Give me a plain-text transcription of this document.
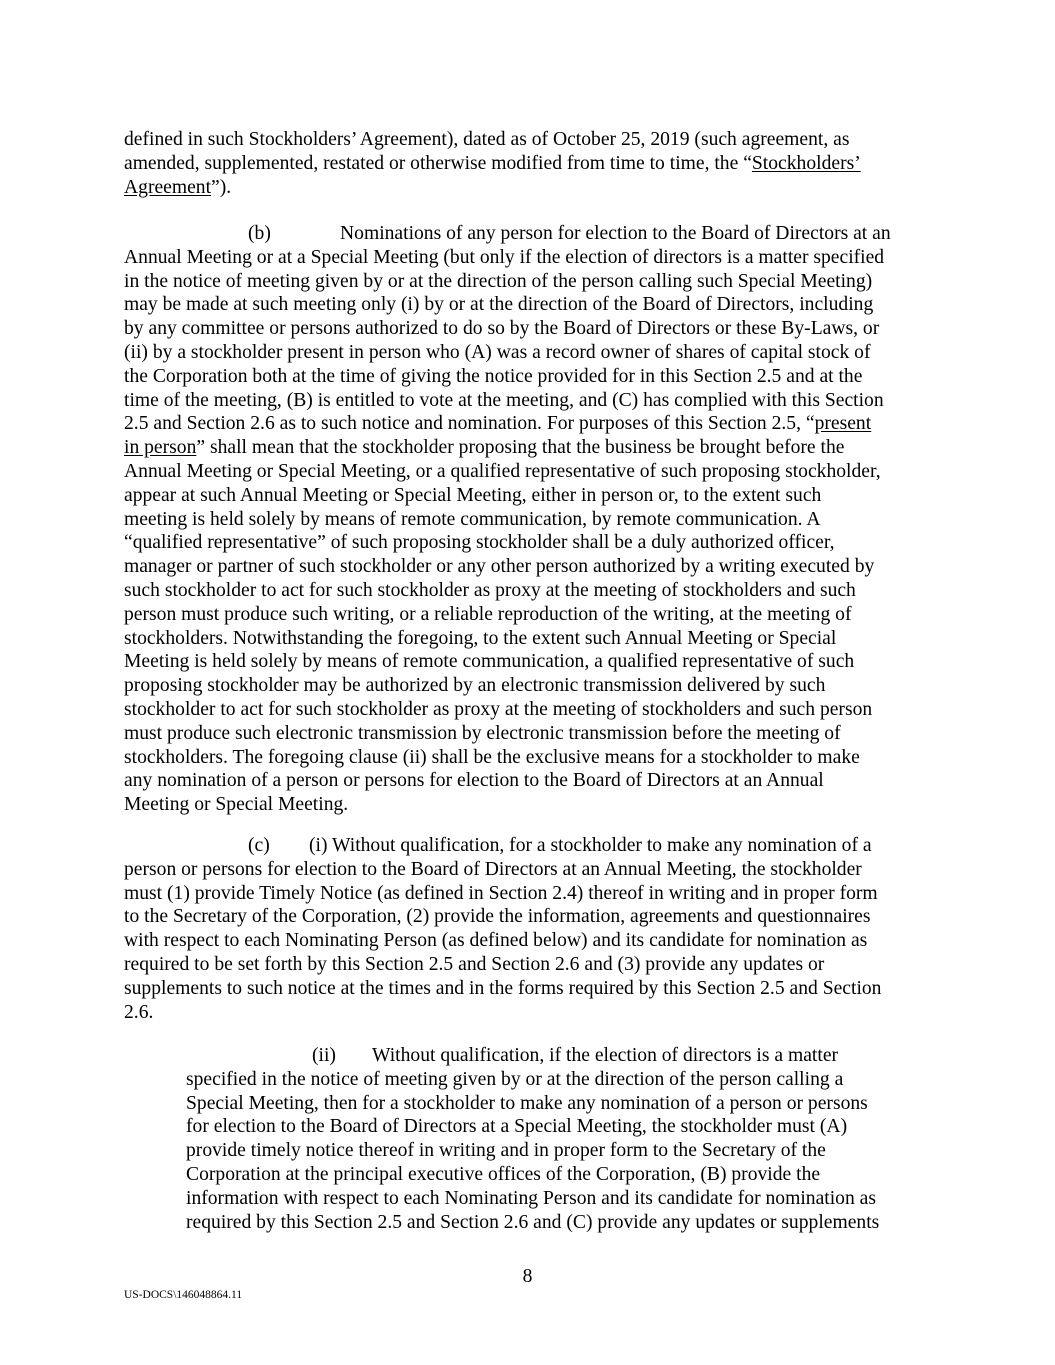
defined in such Stockholders’ Agreement), dated as of October 25, 2019 (such agreement, as
amended, supplemented, restated or otherwise modified from time to time, the “Stockholders’
Agreement”).
(b)	Nominations of any person for election to the Board of Directors at an
Annual Meeting or at a Special Meeting (but only if the election of directors is a matter specified
in the notice of meeting given by or at the direction of the person calling such Special Meeting)
may be made at such meeting only (i) by or at the direction of the Board of Directors, including
by any committee or persons authorized to do so by the Board of Directors or these By-Laws, or
(ii) by a stockholder present in person who (A) was a record owner of shares of capital stock of
the Corporation both at the time of giving the notice provided for in this Section 2.5 and at the
time of the meeting, (B) is entitled to vote at the meeting, and (C) has complied with this Section
2.5 and Section 2.6 as to such notice and nomination. For purposes of this Section 2.5, “present
in person” shall mean that the stockholder proposing that the business be brought before the
Annual Meeting or Special Meeting, or a qualified representative of such proposing stockholder,
appear at such Annual Meeting or Special Meeting, either in person or, to the extent such
meeting is held solely by means of remote communication, by remote communication. A
“qualified representative” of such proposing stockholder shall be a duly authorized officer,
manager or partner of such stockholder or any other person authorized by a writing executed by
such stockholder to act for such stockholder as proxy at the meeting of stockholders and such
person must produce such writing, or a reliable reproduction of the writing, at the meeting of
stockholders. Notwithstanding the foregoing, to the extent such Annual Meeting or Special
Meeting is held solely by means of remote communication, a qualified representative of such
proposing stockholder may be authorized by an electronic transmission delivered by such
stockholder to act for such stockholder as proxy at the meeting of stockholders and such person
must produce such electronic transmission by electronic transmission before the meeting of
stockholders. The foregoing clause (ii) shall be the exclusive means for a stockholder to make
any nomination of a person or persons for election to the Board of Directors at an Annual
Meeting or Special Meeting.
(c) (i) Without qualification, for a stockholder to make any nomination of a
person or persons for election to the Board of Directors at an Annual Meeting, the stockholder
must (1) provide Timely Notice (as defined in Section 2.4) thereof in writing and in proper form
to the Secretary of the Corporation, (2) provide the information, agreements and questionnaires
with respect to each Nominating Person (as defined below) and its candidate for nomination as
required to be set forth by this Section 2.5 and Section 2.6 and (3) provide any updates or
supplements to such notice at the times and in the forms required by this Section 2.5 and Section
2.6.
(ii) Without qualification, if the election of directors is a matter
specified in the notice of meeting given by or at the direction of the person calling a
Special Meeting, then for a stockholder to make any nomination of a person or persons
for election to the Board of Directors at a Special Meeting, the stockholder must (A)
provide timely notice thereof in writing and in proper form to the Secretary of the
Corporation at the principal executive offices of the Corporation, (B) provide the
information with respect to each Nominating Person and its candidate for nomination as
required by this Section 2.5 and Section 2.6 and (C) provide any updates or supplements
8
US-DOCS\146048864.11
